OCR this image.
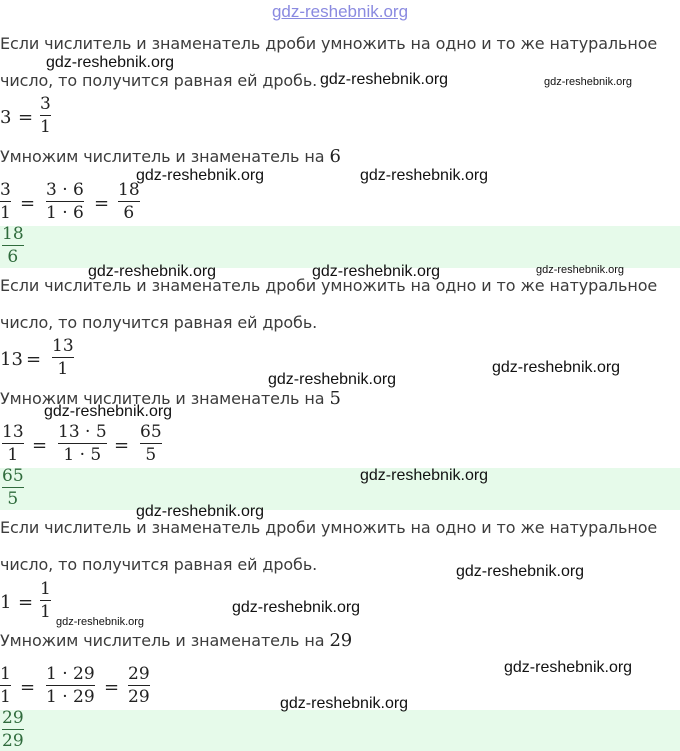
gdz-reshebnik.org
Если числитель и знаменатель дроби умножить на одно и то же натуральное
число, то получится равная ей дробь.
3 =
3
1
Умножим числитель и знаменатель на 6
3
1 =
3 · 6
1 · 6 =
18
6
18
6
Если числитель и знаменатель дроби умножить на одно и то же натуральное
число, то получится равная ей дробь.
13 =
13
1
Умножим числитель и знаменатель на 5
13
1 =
13 · 5
1 · 5 =
65
5
65
5
Если числитель и знаменатель дроби умножить на одно и то же натуральное
число, то получится равная ей дробь.
1 =
1
1
Умножим числитель и знаменатель на 29
1
1 =
1 · 29
1 · 29 =
29
29
29
29
gdz-reshebnik.org
gdz-reshebnik.org	gdz-reshebnik.org
gdz-reshebnik.org	gdz-reshebnik.org
gdz-reshebnik.org	gdz-reshebnik.org	gdz-reshebnik.org
gdz-reshebnik.org
gdz-reshebnik.org
gdz-reshebnik.org
gdz-reshebnik.org
gdz-reshebnik.org
gdz-reshebnik.org
gdz-reshebnik.org
gdz-reshebnik.org
gdz-reshebnik.org
gdz-reshebnik.org
